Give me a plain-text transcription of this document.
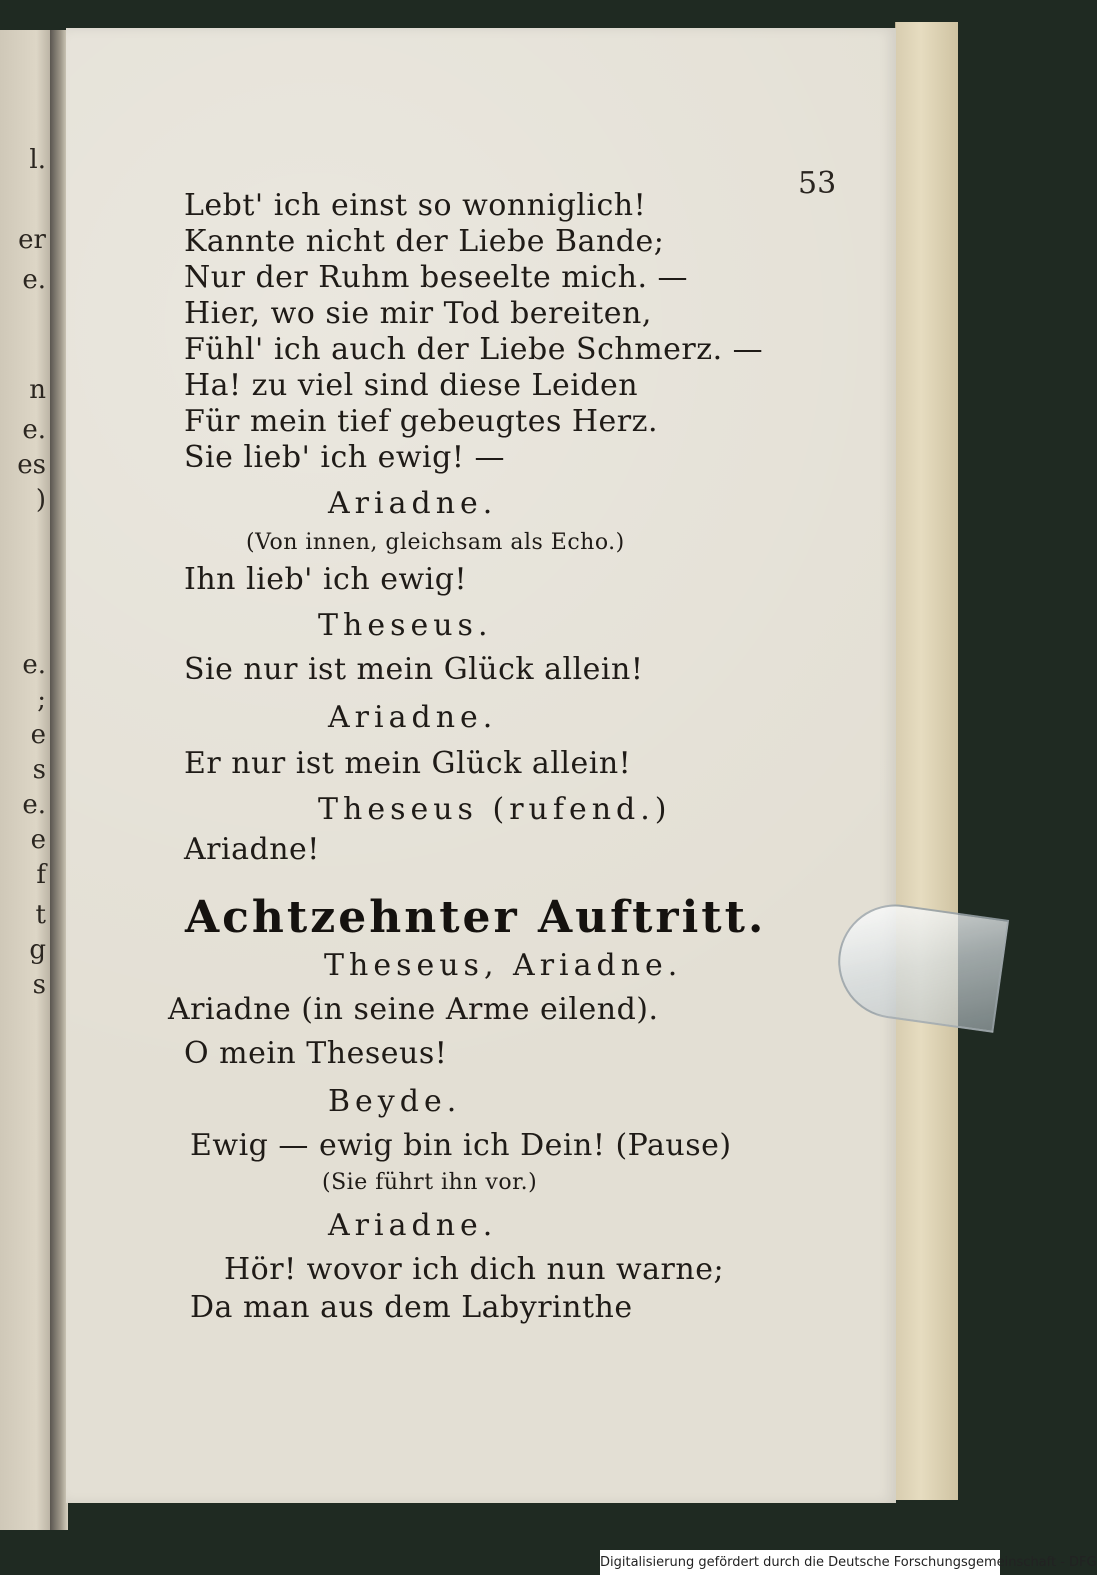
l.
er
e.
n
e.
es
)
e.
;
e
s
e.
e
f
t
g
s
53
Lebt' ich einst so wonniglich!
Kannte nicht der Liebe Bande;
Nur der Ruhm beseelte mich. —
Hier, wo sie mir Tod bereiten,
Fühl' ich auch der Liebe Schmerz. —
Ha! zu viel sind diese Leiden
Für mein tief gebeugtes Herz.
Sie lieb' ich ewig! —
Ariadne.
(Von innen, gleichsam als Echo.)
Ihn lieb' ich ewig!
Theseus.
Sie nur ist mein Glück allein!
Ariadne.
Er nur ist mein Glück allein!
Theseus (rufend.)
Ariadne!
Theseus, Ariadne.
Ariadne (in seine Arme eilend).
O mein Theseus!
Beyde.
Ewig — ewig bin ich Dein! (Pause)
(Sie führt ihn vor.)
Ariadne.
Hör! wovor ich dich nun warne;
Da man aus dem Labyrinthe
Achtzehnter Auftritt.
Digitalisierung gefördert durch die Deutsche Forschungsgemeinschaft - DFG
